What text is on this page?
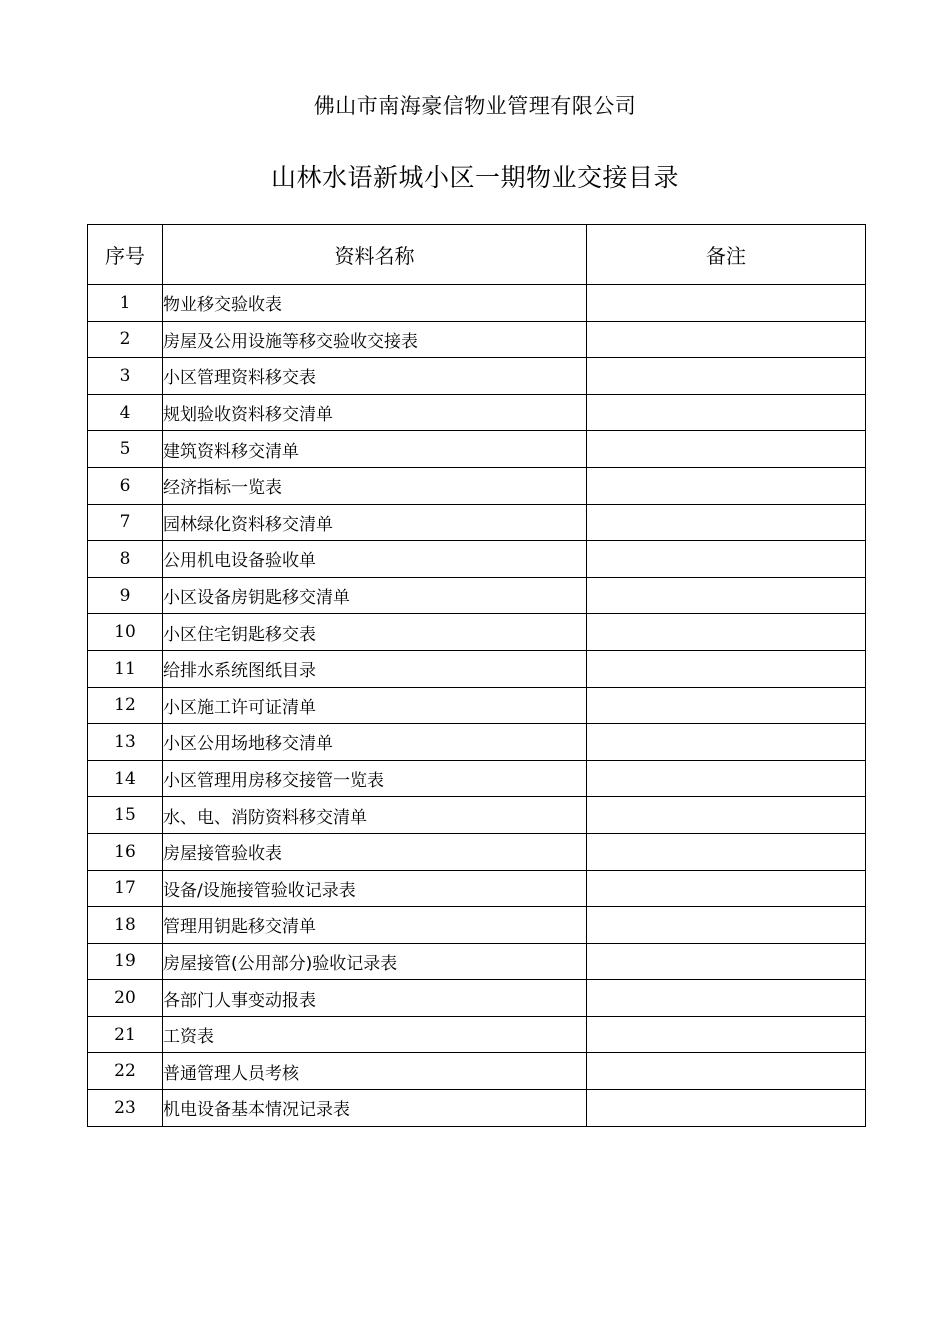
佛山市南海豪信物业管理有限公司
山林水语新城小区一期物业交接目录
序号	资料名称	备注
1	物业移交验收表	
2	房屋及公用设施等移交验收交接表	
3	小区管理资料移交表	
4	规划验收资料移交清单	
5	建筑资料移交清单	
6	经济指标一览表	
7	园林绿化资料移交清单	
8	公用机电设备验收单	
9	小区设备房钥匙移交清单	
10	小区住宅钥匙移交表	
11	给排水系统图纸目录	
12	小区施工许可证清单	
13	小区公用场地移交清单	
14	小区管理用房移交接管一览表	
15	水、电、消防资料移交清单	
16	房屋接管验收表	
17	设备/设施接管验收记录表	
18	管理用钥匙移交清单	
19	房屋接管(公用部分)验收记录表	
20	各部门人事变动报表	
21	工资表	
22	普通管理人员考核	
23	机电设备基本情况记录表	
